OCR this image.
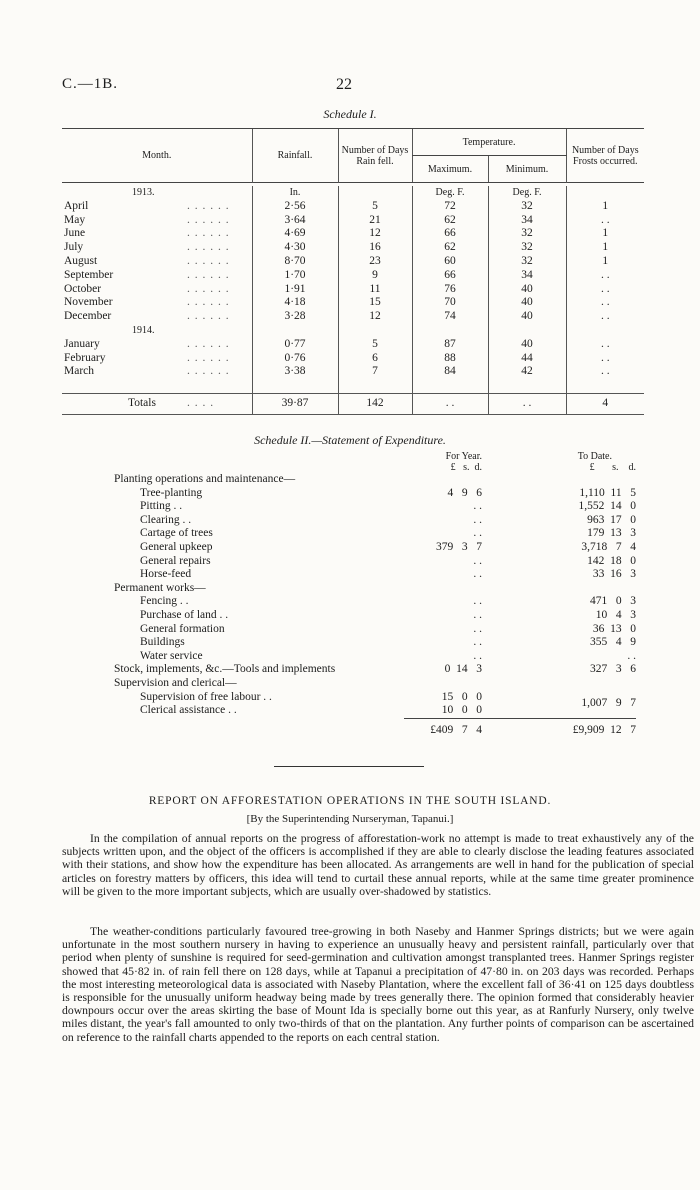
C.—1B.	22
Schedule I.
Month.	Rainfall.	Number of Days Rain fell.	Temperature.		Number of Days Frosts occurred.
			Maximum.	Minimum.	

1913.	In.		Deg. F.	Deg. F.	
April . . . . . .	2·56	5	72	32	1
May . . . . . .	3·64	21	62	34	. .
June . . . . . .	4·69	12	66	32	1
July . . . . . .	4·30	16	62	32	1
August . . . . . .	8·70	23	60	32	1
September . . . . . .	1·70	9	66	34	. .
October . . . . . .	1·91	11	76	40	. .
November . . . . . .	4·18	15	70	40	. .
December . . . . . .	3·28	12	74	40	. .
1914.					
January . . . . . .	0·77	5	87	40	. .
February . . . . . .	0·76	6	88	44	. .
March . . . . . .	3·38	7	84	42	. .

Totals . . . .	39·87	142	. .	. .	4
Schedule II.—Statement of Expenditure.
	For Year.	To Date.
	£ s. d.	£ s. d.
Planting operations and maintenance—		
Tree-planting	4   9   6	1,110  11   5
Pitting . .	. .	1,552  14   0
Clearing . .	. .	963  17   0
Cartage of trees	. .	179  13   3
General upkeep	379   3   7	3,718   7   4
General repairs	. .	142  18   0
Horse-feed	. .	33  16   3
Permanent works—		
Fencing . .	. .	471   0   3
Purchase of land . .	. .	10   4   3
General formation	. .	36  13   0
Buildings	. .	355   4   9
Water service	. .	. .
Stock, implements, &c.—Tools and implements	0  14   3	327   3   6
Supervision and clerical—		
Supervision of free labour . .	15   0   0	1,007   9   7
Clerical assistance . .	10   0   0	
	£409   7   4	£9,909  12   7
REPORT ON AFFORESTATION OPERATIONS IN THE SOUTH ISLAND.
[By the Superintending Nurseryman, Tapanui.]

In the compilation of annual reports on the progress of afforestation-work no attempt is made to treat exhaustively any of the subjects written upon, and the object of the officers is accomplished if they are able to clearly disclose the leading features associated with their stations, and show how the expenditure has been allocated. As arrangements are well in hand for the publication of special articles on forestry matters by officers, this idea will tend to curtail these annual reports, while at the same time greater prominence will be given to the more important subjects, which are usually over-shadowed by statistics.

The weather-conditions particularly favoured tree-growing in both Naseby and Hanmer Springs districts; but we were again unfortunate in the most southern nursery in having to experience an unusually heavy and persistent rainfall, particularly over that period when plenty of sunshine is required for seed-germination and cultivation amongst transplanted trees. Hanmer Springs register showed that 45·82 in. of rain fell there on 128 days, while at Tapanui a precipitation of 47·80 in. on 203 days was recorded. Perhaps the most interesting meteorological data is associated with Naseby Plantation, where the excellent fall of 36·41 on 125 days doubtless is responsible for the unusually uniform headway being made by trees generally there. The opinion formed that considerably heavier downpours occur over the areas skirting the base of Mount Ida is specially borne out this year, as at Ranfurly Nursery, only twelve miles distant, the year's fall amounted to only two-thirds of that on the plantation. Any further points of comparison can be ascertained on reference to the rainfall charts appended to the reports on each central station.
